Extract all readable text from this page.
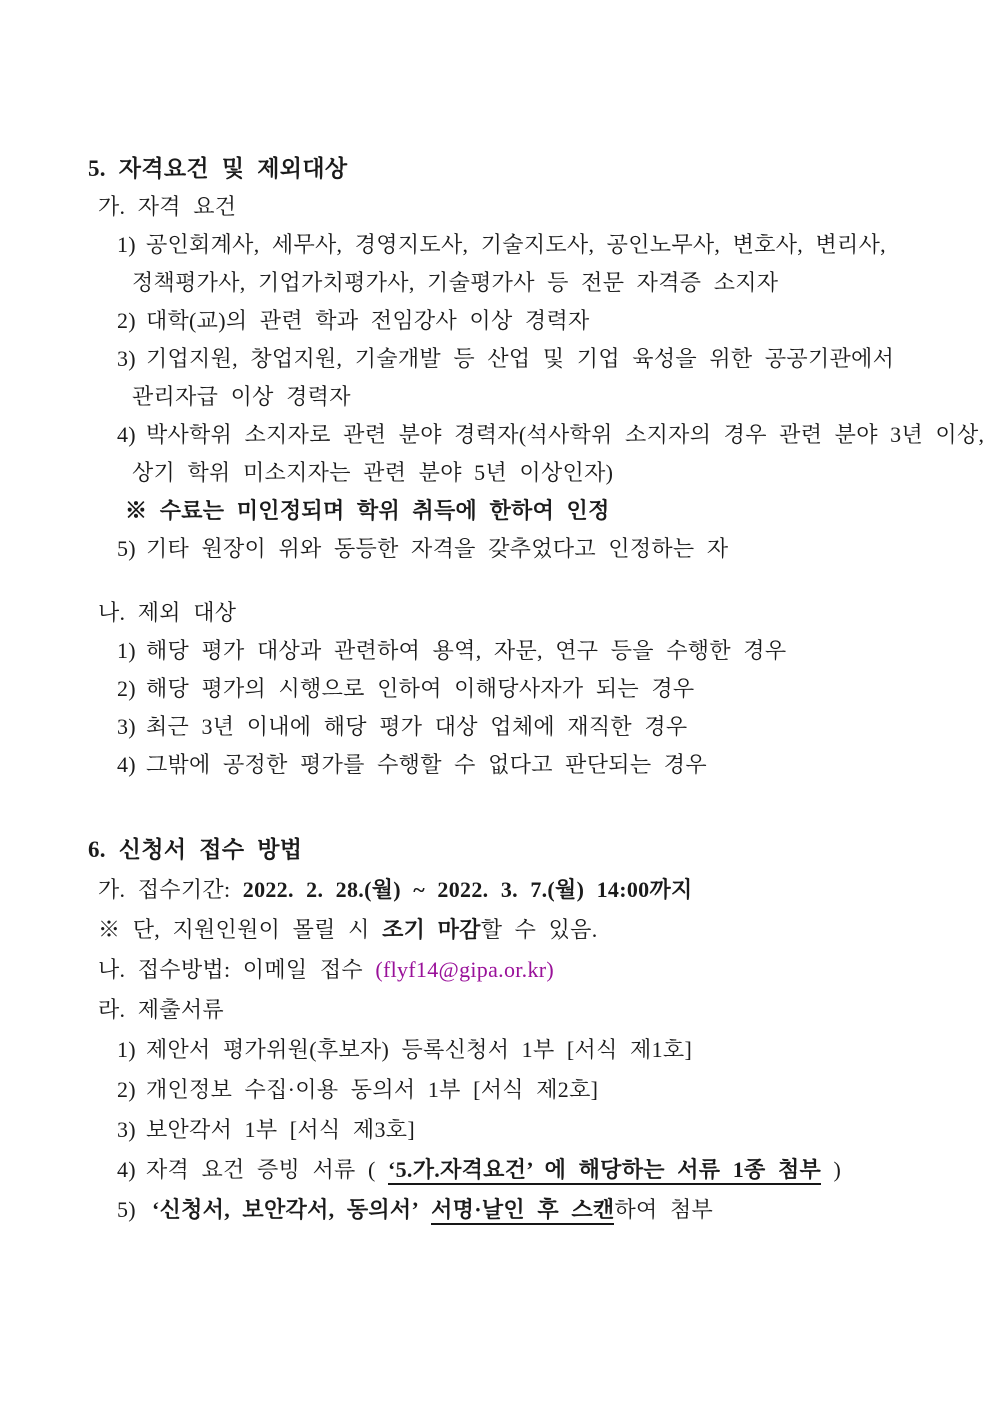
5. 자격요건 및 제외대상
가. 자격 요건
1) 공인회계사, 세무사, 경영지도사, 기술지도사, 공인노무사, 변호사, 변리사,
정책평가사, 기업가치평가사, 기술평가사 등 전문 자격증 소지자
2) 대학(교)의 관련 학과 전임강사 이상 경력자
3) 기업지원, 창업지원, 기술개발 등 산업 및 기업 육성을 위한 공공기관에서
관리자급 이상 경력자
4) 박사학위 소지자로 관련 분야 경력자(석사학위 소지자의 경우 관련 분야 3년 이상,
상기 학위 미소지자는 관련 분야 5년 이상인자)
※ 수료는 미인정되며 학위 취득에 한하여 인정
5) 기타 원장이 위와 동등한 자격을 갖추었다고 인정하는 자
나. 제외 대상
1) 해당 평가 대상과 관련하여 용역, 자문, 연구 등을 수행한 경우
2) 해당 평가의 시행으로 인하여 이해당사자가 되는 경우
3) 최근 3년 이내에 해당 평가 대상 업체에 재직한 경우
4) 그밖에 공정한 평가를 수행할 수 없다고 판단되는 경우
6. 신청서 접수 방법
가. 접수기간: 2022. 2. 28.(월) ~ 2022. 3. 7.(월) 14:00까지
※ 단, 지원인원이 몰릴 시 조기 마감할 수 있음.
나. 접수방법: 이메일 접수 (flyf14@gipa.or.kr)
라. 제출서류
1) 제안서 평가위원(후보자) 등록신청서 1부 [서식 제1호]
2) 개인정보 수집·이용 동의서 1부 [서식 제2호]
3) 보안각서 1부 [서식 제3호]
4) 자격 요건 증빙 서류 ( ‘5.가.자격요건’ 에 해당하는 서류 1종 첨부 )
5) ‘신청서, 보안각서, 동의서’ 서명·날인 후 스캔하여 첨부
